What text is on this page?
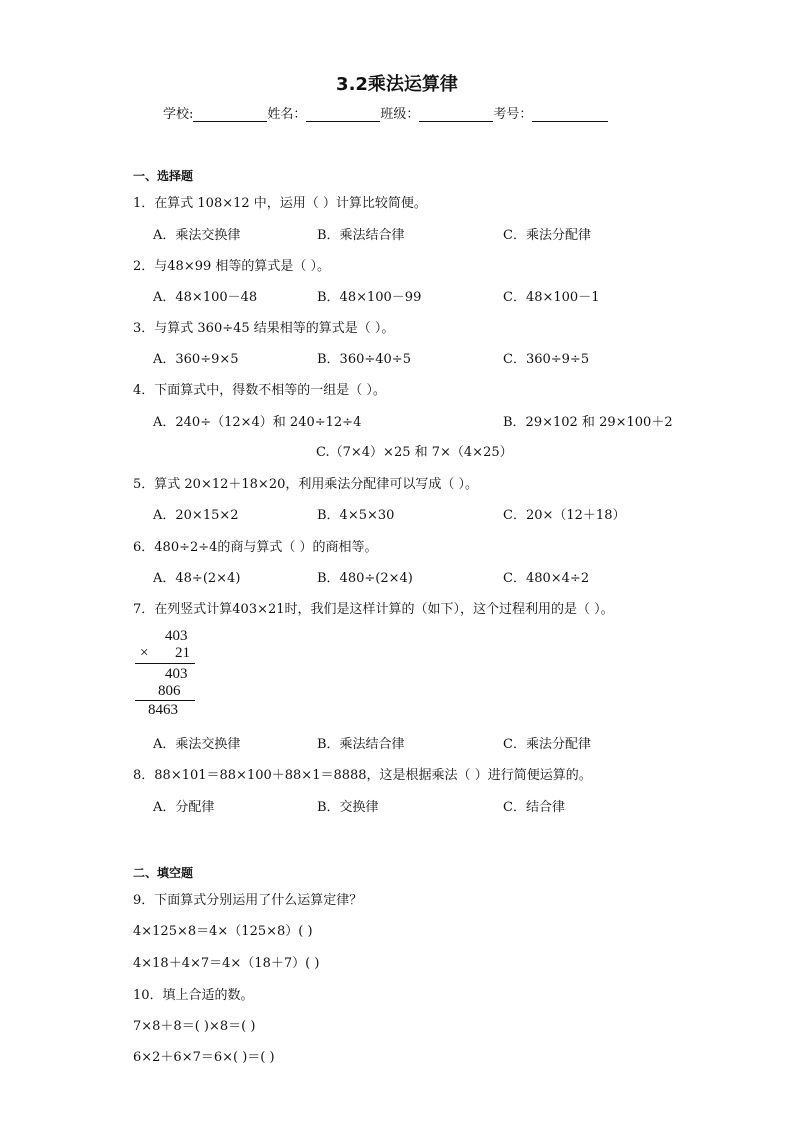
3.2乘法运算律
学校:	姓名：	班级：	考号：
一、选择题
1．在算式 108×12 中，运用（ ）计算比较简便。
A．乘法交换律	B．乘法结合律	C．乘法分配律
2．与48×99 相等的算式是（ ）。
A．48×100－48	B．48×100－99	C．48×100－1
3．与算式 360÷45 结果相等的算式是（ ）。
A．360÷9×5	B．360÷40÷5	C．360÷9÷5
4．下面算式中，得数不相等的一组是（ ）。
A．240÷（12×4）和 240÷12÷4	B．29×102 和 29×100＋2
C.（7×4）×25 和 7×（4×25）
5．算式 20×12＋18×20，利用乘法分配律可以写成（ ）。
A．20×15×2	B．4×5×30	C．20×（12＋18）
6．480÷2÷4的商与算式（ ）的商相等。
A．48÷(2×4)	B．480÷(2×4)	C．480×4÷2
7．在列竖式计算403×21时，我们是这样计算的（如下），这个过程利用的是（ ）。
403
× 21
403
806
8463
A．乘法交换律	B．乘法结合律	C．乘法分配律
8．88×101＝88×100＋88×1＝8888，这是根据乘法（ ）进行简便运算的。
A．分配律	B．交换律	C．结合律
二、填空题
9．下面算式分别运用了什么运算定律？
4×125×8＝4×（125×8）( )
4×18＋4×7＝4×（18＋7）( )
10．填上合适的数。
7×8＋8＝( )×8＝( )
6×2＋6×7＝6×( )＝( )
